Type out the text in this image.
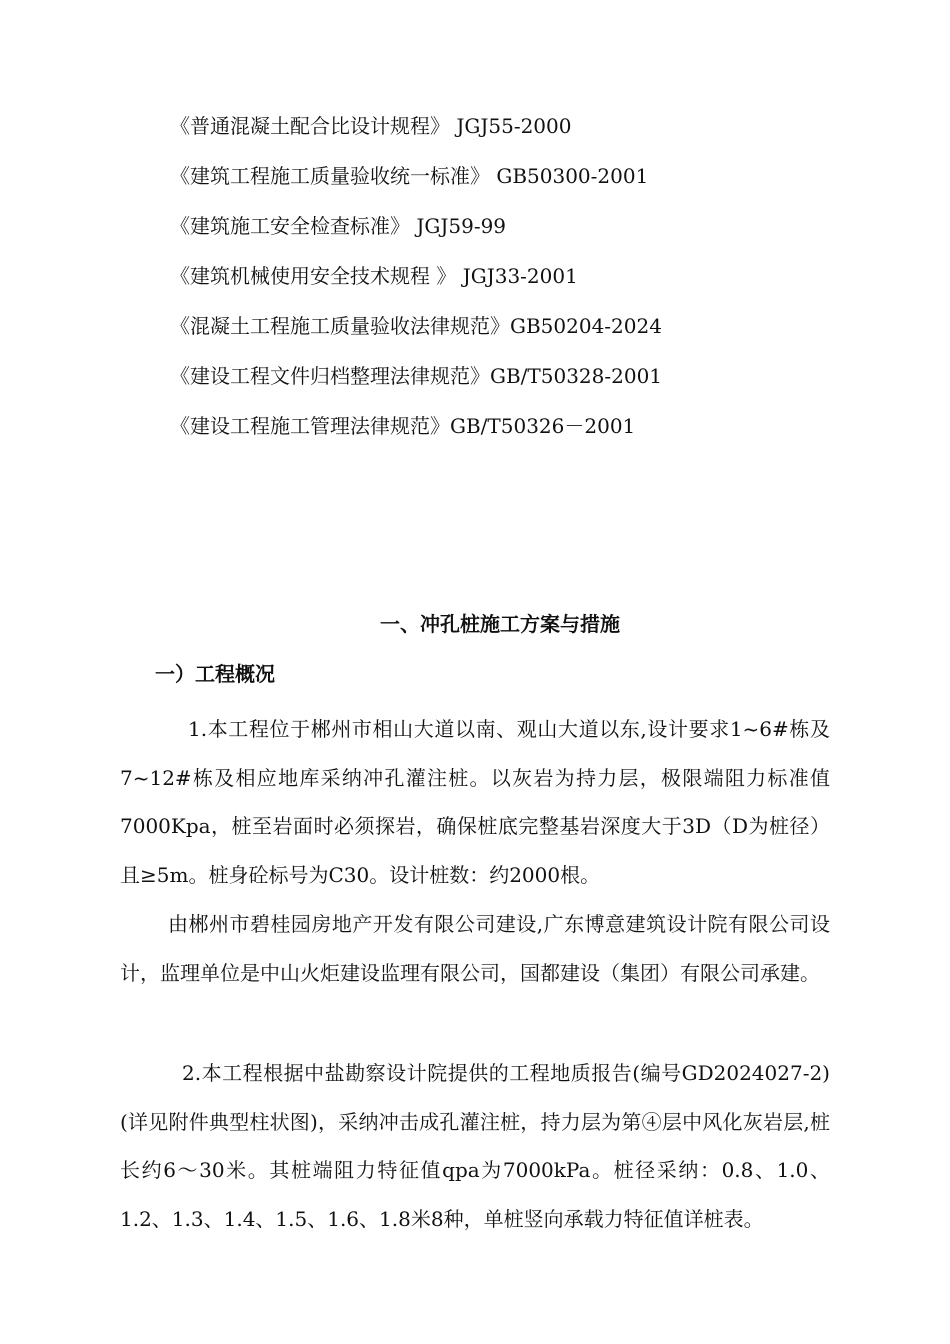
《普通混凝土配合比设计规程》 JGJ55-2000
《建筑工程施工质量验收统一标准》 GB50300-2001
《建筑施工安全检查标准》 JGJ59-99
《建筑机械使用安全技术规程 》 JGJ33-2001
《混凝土工程施工质量验收法律规范》GB50204-2024
《建设工程文件归档整理法律规范》GB/T50328-2001
《建设工程施工管理法律规范》GB/T50326－2001
一、冲孔桩施工方案与措施
一）工程概况
1.本工程位于郴州市相山大道以南、观山大道以东,设计要求1~6#栋及7~12#栋及相应地库采纳冲孔灌注桩。以灰岩为持力层，极限端阻力标准值7000Kpa，桩至岩面时必须探岩，确保桩底完整基岩深度大于3D（D为桩径）且≥5m。桩身砼标号为C30。设计桩数：约2000根。
由郴州市碧桂园房地产开发有限公司建设,广东博意建筑设计院有限公司设计，监理单位是中山火炬建设监理有限公司，国都建设（集团）有限公司承建。
2.本工程根据中盐勘察设计院提供的工程地质报告(编号GD2024027-2)(详见附件典型柱状图)，采纳冲击成孔灌注桩，持力层为第④层中风化灰岩层,桩长约6～30米。其桩端阻力特征值qpa为7000kPa。桩径采纳：0.8、1.0、1.2、1.3、1.4、1.5、1.6、1.8米8种，单桩竖向承载力特征值详桩表。
